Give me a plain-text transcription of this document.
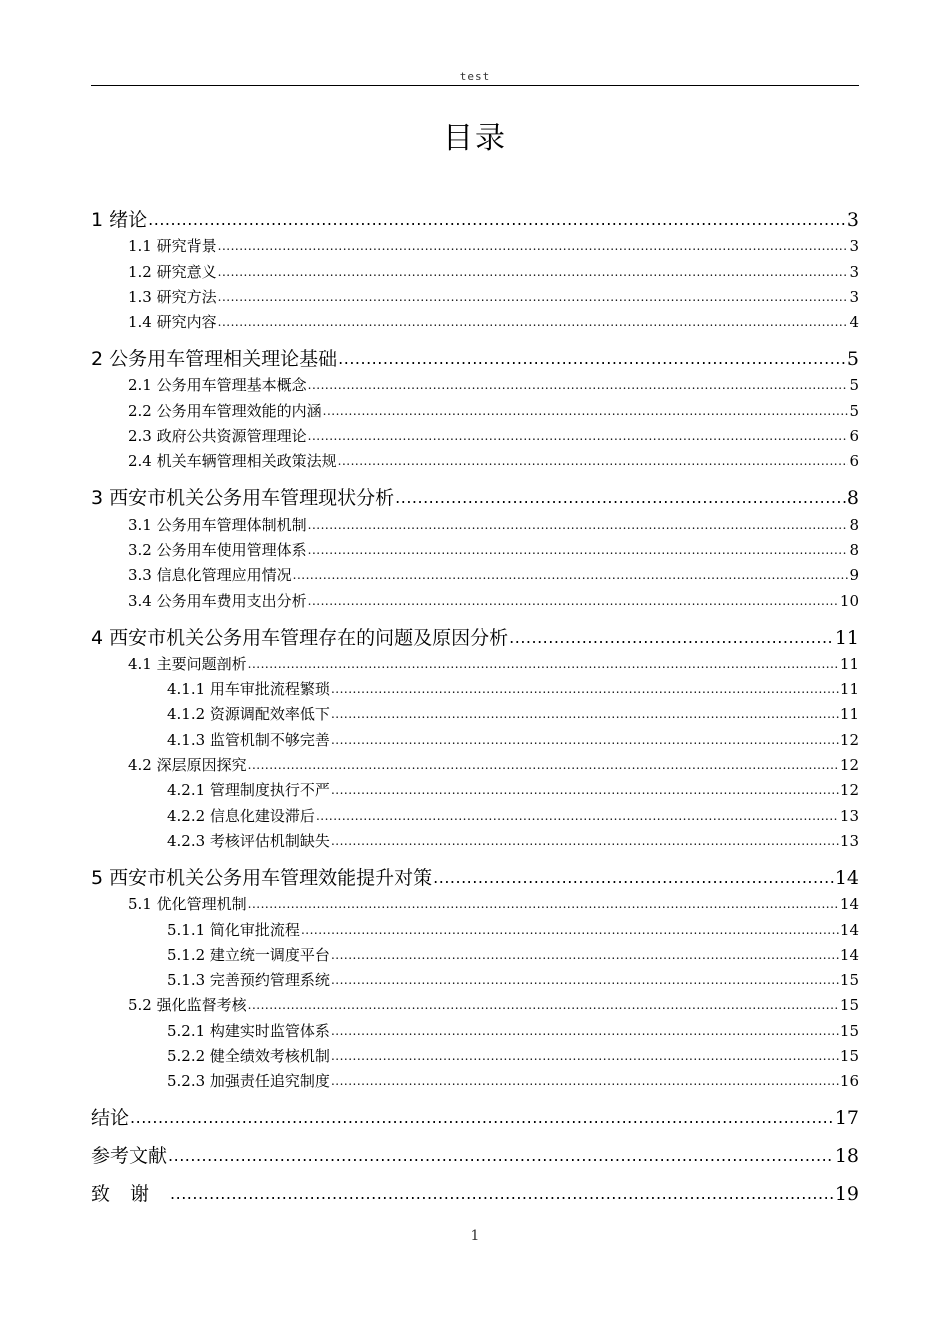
test
目录
1 绪论 .....	3
1.1 研究背景 .....	3
1.2 研究意义 .....	3
1.3 研究方法 .....	3
1.4 研究内容 .....	4
2 公务用车管理相关理论基础 .....	5
2.1 公务用车管理基本概念 .....	5
2.2 公务用车管理效能的内涵 .....	5
2.3 政府公共资源管理理论 .....	6
2.4 机关车辆管理相关政策法规 .....	6
3 西安市机关公务用车管理现状分析 .....	8
3.1 公务用车管理体制机制 .....	8
3.2 公务用车使用管理体系 .....	8
3.3 信息化管理应用情况 .....	9
3.4 公务用车费用支出分析 .....	10
4 西安市机关公务用车管理存在的问题及原因分析 .....	11
4.1 主要问题剖析 .....	11
4.1.1 用车审批流程繁琐 .....	11
4.1.2 资源调配效率低下 .....	11
4.1.3 监管机制不够完善 .....	12
4.2 深层原因探究 .....	12
4.2.1 管理制度执行不严 .....	12
4.2.2 信息化建设滞后 .....	13
4.2.3 考核评估机制缺失 .....	13
5 西安市机关公务用车管理效能提升对策 .....	14
5.1 优化管理机制 .....	14
5.1.1 简化审批流程 .....	14
5.1.2 建立统一调度平台 .....	14
5.1.3 完善预约管理系统 .....	15
5.2 强化监督考核 .....	15
5.2.1 构建实时监管体系 .....	15
5.2.2 健全绩效考核机制 .....	15
5.2.3 加强责任追究制度 .....	16
结论 .....	17
参考文献 .....	18
致谢 .....	19
1
